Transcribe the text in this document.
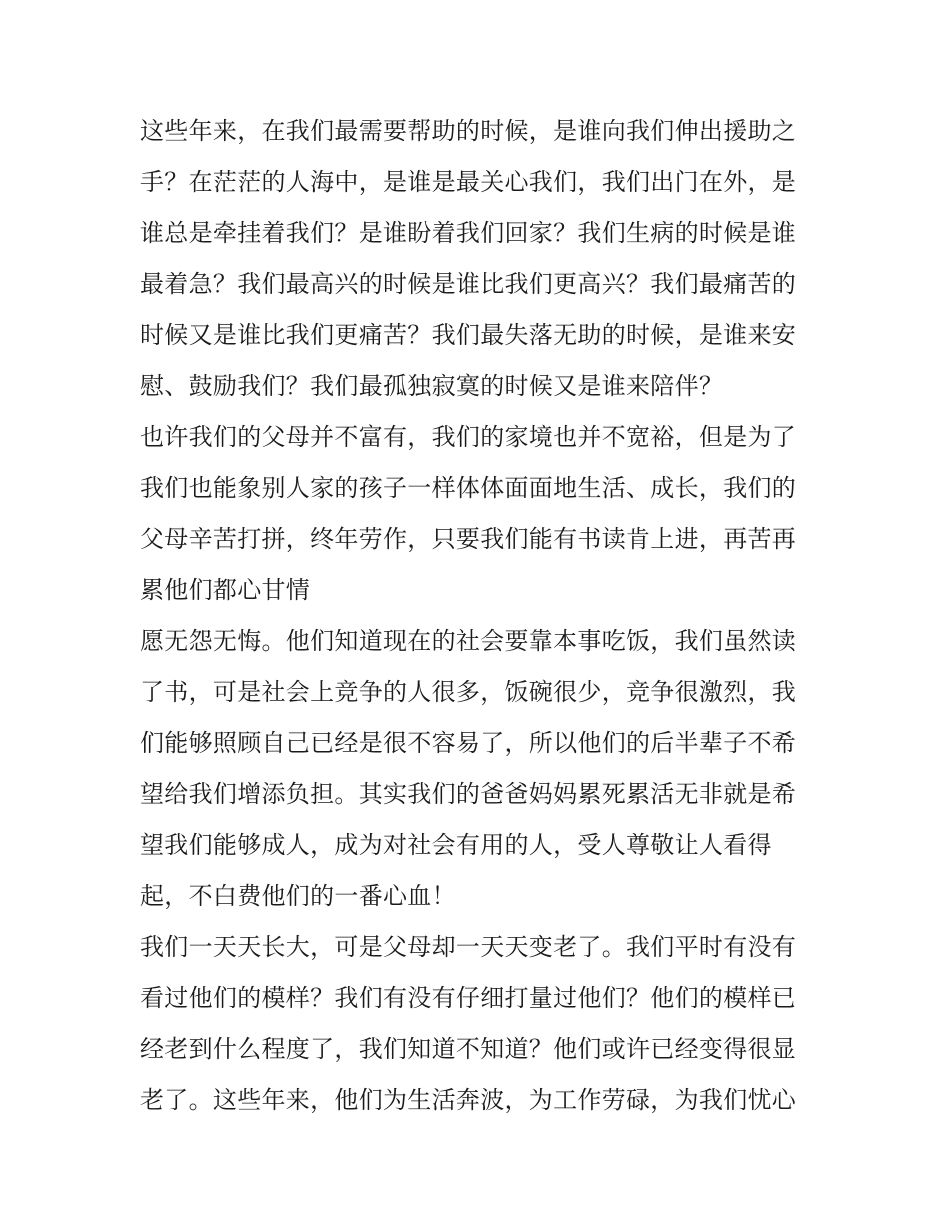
这些年来，在我们最需要帮助的时候，是谁向我们伸出援助之
手？在茫茫的人海中，是谁是最关心我们，我们出门在外，是
谁总是牵挂着我们？是谁盼着我们回家？我们生病的时候是谁
最着急？我们最高兴的时候是谁比我们更高兴？我们最痛苦的
时候又是谁比我们更痛苦？我们最失落无助的时候，是谁来安
慰、鼓励我们？我们最孤独寂寞的时候又是谁来陪伴？
也许我们的父母并不富有，我们的家境也并不宽裕，但是为了
我们也能象别人家的孩子一样体体面面地生活、成长，我们的
父母辛苦打拼，终年劳作，只要我们能有书读肯上进，再苦再
累他们都心甘情
愿无怨无悔。他们知道现在的社会要靠本事吃饭，我们虽然读
了书，可是社会上竞争的人很多，饭碗很少，竞争很激烈，我
们能够照顾自己已经是很不容易了，所以他们的后半辈子不希
望给我们增添负担。其实我们的爸爸妈妈累死累活无非就是希
望我们能够成人，成为对社会有用的人，受人尊敬让人看得
起，不白费他们的一番心血！
我们一天天长大，可是父母却一天天变老了。我们平时有没有
看过他们的模样？我们有没有仔细打量过他们？他们的模样已
经老到什么程度了，我们知道不知道？他们或许已经变得很显
老了。这些年来，他们为生活奔波，为工作劳碌，为我们忧心
